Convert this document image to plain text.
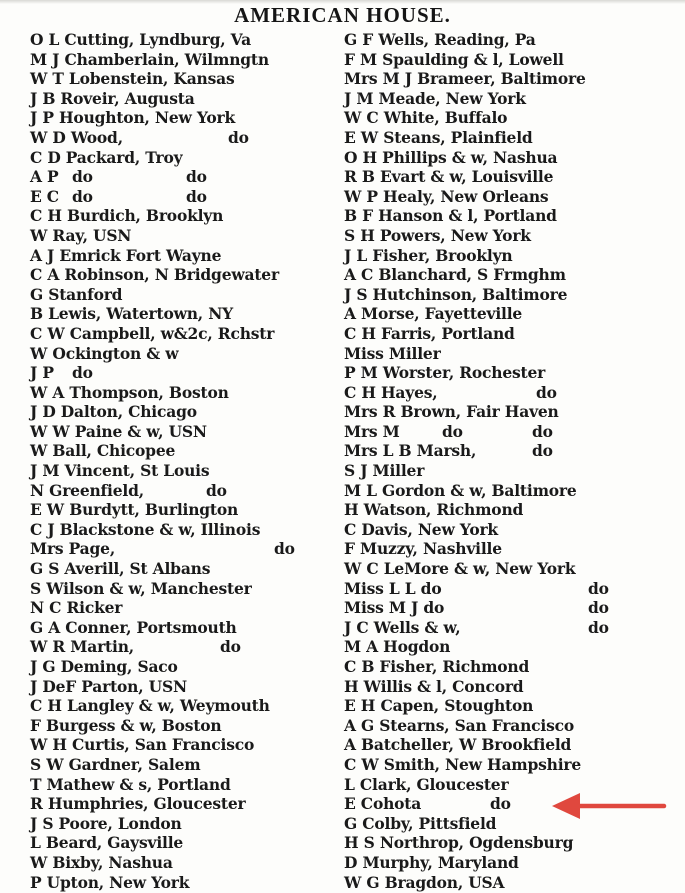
AMERICAN HOUSE.
O L Cutting, Lyndburg, Va
M J Chamberlain, Wilmngtn
W T Lobenstein, Kansas
J B Roveir, Augusta
J P Houghton, New York
W D Wood,	do
C D Packard, Troy
A P do	do
E C do	do
C H Burdich, Brooklyn
W Ray, USN
A J Emrick Fort Wayne
C A Robinson, N Bridgewater
G Stanford
B Lewis, Watertown, NY
C W Campbell, w&2c, Rchstr
W Ockington & w
J P do
W A Thompson, Boston
J D Dalton, Chicago
W W Paine & w, USN
W Ball, Chicopee
J M Vincent, St Louis
N Greenfield,	do
E W Burdytt, Burlington
C J Blackstone & w, Illinois
Mrs Page,	do
G S Averill, St Albans
S Wilson & w, Manchester
N C Ricker
G A Conner, Portsmouth
W R Martin,	do
J G Deming, Saco
J DeF Parton, USN
C H Langley & w, Weymouth
F Burgess & w, Boston
W H Curtis, San Francisco
S W Gardner, Salem
T Mathew & s, Portland
R Humphries, Gloucester
J S Poore, London
L Beard, Gaysville
W Bixby, Nashua
P Upton, New York
G F Wells, Reading, Pa
F M Spaulding & l, Lowell
Mrs M J Brameer, Baltimore
J M Meade, New York
W C White, Buffalo
E W Steans, Plainfield
O H Phillips & w, Nashua
R B Evart & w, Louisville
W P Healy, New Orleans
B F Hanson & l, Portland
S H Powers, New York
J L Fisher, Brooklyn
A C Blanchard, S Frmghm
J S Hutchinson, Baltimore
A Morse, Fayetteville
C H Farris, Portland
Miss Miller
P M Worster, Rochester
C H Hayes,	do
Mrs R Brown, Fair Haven
Mrs M	do	do
Mrs L B Marsh,	do
S J Miller
M L Gordon & w, Baltimore
H Watson, Richmond
C Davis, New York
F Muzzy, Nashville
W C LeMore & w, New York
Miss L L do	do
Miss M J do	do
J C Wells & w,	do
M A Hogdon
C B Fisher, Richmond
H Willis & l, Concord
E H Capen, Stoughton
A G Stearns, San Francisco
A Batcheller, W Brookfield
C W Smith, New Hampshire
L Clark, Gloucester
E Cohota	do
G Colby, Pittsfield
H S Northrop, Ogdensburg
D Murphy, Maryland
W G Bragdon, USA
